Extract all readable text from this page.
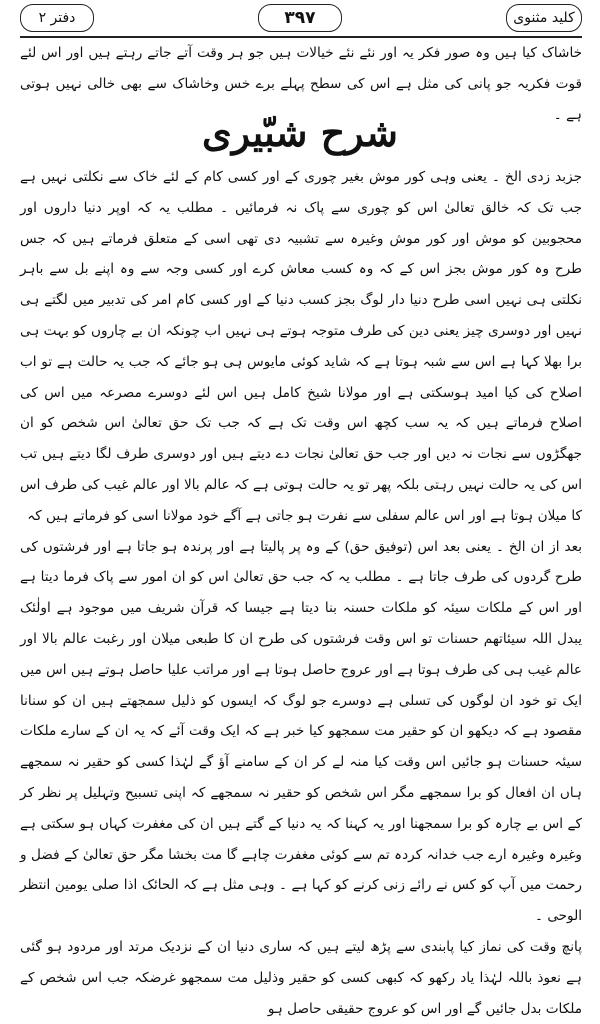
دفتر ۲	۳۹۷	کلید مثنوی

خاشاک کیا ہیں وہ صور فکر یہ اور نئے نئے خیالات ہیں جو ہر وقت آتے جاتے رہتے ہیں اور اس لئے قوت فکریہ جو پانی کی مثل ہے اس کی سطح پہلے برے خس وخاشاک سے بھی خالی نہیں ہوتی ہے ۔

شرح شبّیری

جزبد زدی الخ ۔ یعنی وہی کور موش بغیر چوری کے اور کسی کام کے لئے خاک سے نکلتی نہیں ہے جب تک کہ خالق تعالیٰ اس کو چوری سے پاک نہ فرمائیں ۔ مطلب یہ کہ اوپر دنیا داروں اور محجوبین کو موش اور کور موش وغیرہ سے تشبیہ دی تھی اسی کے متعلق فرماتے ہیں کہ جس طرح وہ کور موش بجز اس کے کہ وہ کسب معاش کرے اور کسی وجہ سے وہ اپنے بل سے باہر نکلتی ہی نہیں اسی طرح دنیا دار لوگ بجز کسب دنیا کے اور کسی کام امر کی تدبیر میں لگتے ہی نہیں اور دوسری چیز یعنی دین کی طرف متوجہ ہوتے ہی نہیں اب چونکہ ان بے چاروں کو بہت ہی برا بھلا کہا ہے اس سے شبہ ہوتا ہے کہ شاید کوئی مایوس ہی ہو جائے کہ جب یہ حالت ہے تو اب اصلاح کی کیا امید ہوسکتی ہے اور مولانا شیخ کامل ہیں اس لئے دوسرے مصرعہ میں اس کی اصلاح فرماتے ہیں کہ یہ سب کچھ اس وقت تک ہے کہ جب تک حق تعالیٰ اس شخص کو ان جھگڑوں سے نجات نہ دیں اور جب حق تعالیٰ نجات دے دیتے ہیں اور دوسری طرف لگا دیتے ہیں تب اس کی یہ حالت نہیں رہتی بلکہ پھر تو یہ حالت ہوتی ہے کہ عالم بالا اور عالم غیب کی طرف اس کا میلان ہوتا ہے اور اس عالم سفلی سے نفرت ہو جاتی ہے آگے خود مولانا اسی کو فرماتے ہیں کہ

بعد از ان الخ ۔ یعنی بعد اس (توفیق حق) کے وہ پر پالیتا ہے اور پرندہ ہو جاتا ہے اور فرشتوں کی طرح گردوں کی طرف جاتا ہے ۔ مطلب یہ کہ جب حق تعالیٰ اس کو ان امور سے پاک فرما دیتا ہے اور اس کے ملکات سیئہ کو ملکات حسنہ بنا دیتا ہے جیسا کہ قرآن شریف میں موجود ہے اولٰئک یبدل اللہ سیئاتھم حسنات تو اس وقت فرشتوں کی طرح ان کا طبعی میلان اور رغبت عالم بالا اور عالم غیب ہی کی طرف ہوتا ہے اور عروج حاصل ہوتا ہے اور مراتب علیا حاصل ہوتے ہیں اس میں ایک تو خود ان لوگوں کی تسلی ہے دوسرے جو لوگ کہ ایسوں کو ذلیل سمجھتے ہیں ان کو سنانا مقصود ہے کہ دیکھو ان کو حقیر مت سمجھو کیا خبر ہے کہ ایک وقت آئے کہ یہ ان کے سارے ملکات سیئہ حسنات ہو جائیں اس وقت کیا منہ لے کر ان کے سامنے آؤ گے لہٰذا کسی کو حقیر نہ سمجھے ہاں ان افعال کو برا سمجھے مگر اس شخص کو حقیر نہ سمجھے کہ اپنی تسبیح وتہلیل پر نظر کر کے اس بے چارہ کو برا سمجھنا اور یہ کہنا کہ یہ دنیا کے گتے ہیں ان کی مغفرت کہاں ہو سکتی ہے وغیرہ وغیرہ ارے جب خدانہ کردہ تم سے کوئی مغفرت چاہے گا مت بخشا مگر حق تعالیٰ کے فضل و رحمت میں آپ کو کس نے رائے زنی کرنے کو کہا ہے ۔ وہی مثل ہے کہ الحائک اذا صلی یومین انتظر الوحی ۔

پانچ وقت کی نماز کیا پابندی سے پڑھ لیتے ہیں کہ ساری دنیا ان کے نزدیک مرتد اور مردود ہو گئی ہے نعوذ باللہ لہٰذا یاد رکھو کہ کبھی کسی کو حقیر وذلیل مت سمجھو غرضکہ جب اس شخص کے ملکات بدل جائیں گے اور اس کو عروج حقیقی حاصل ہو
